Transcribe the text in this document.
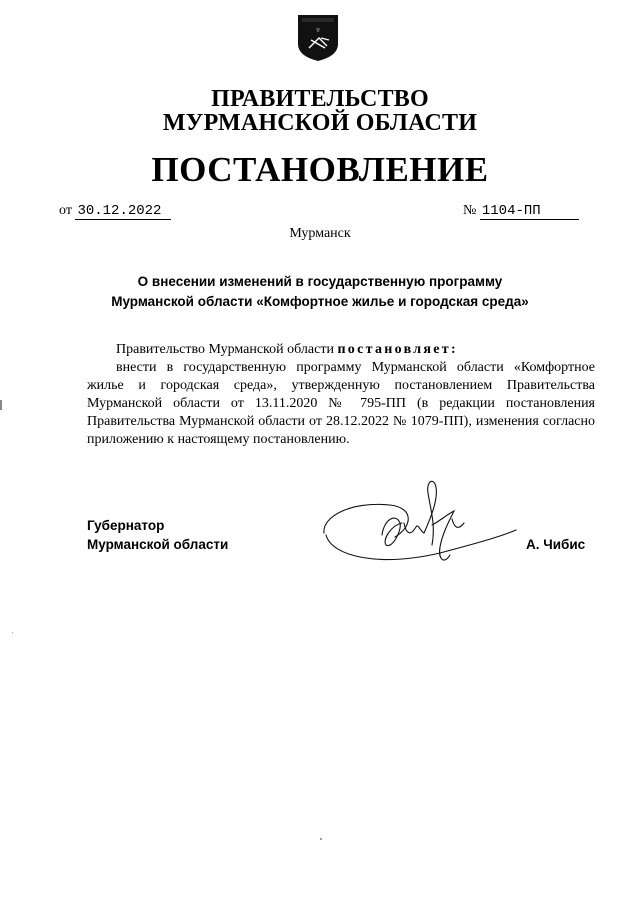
ПРАВИТЕЛЬСТВО
МУРМАНСКОЙ ОБЛАСТИ
ПОСТАНОВЛЕНИЕ
от 30.12.2022	№ 1104-ПП
Мурманск
О внесении изменений в государственную программу
Мурманской области «Комфортное жилье и городская среда»

Правительство Мурманской области постановляет:

внести в государственную программу Мурманской области «Комфортное жилье и городская среда», утвержденную постановлением Правительства Мурманской области от 13.11.2020 № 795-ПП (в редакции постановления Правительства Мурманской области от 28.12.2022 № 1079-ПП), изменения согласно приложению к настоящему постановлению.

Губернатор
Мурманской области	А. Чибис
